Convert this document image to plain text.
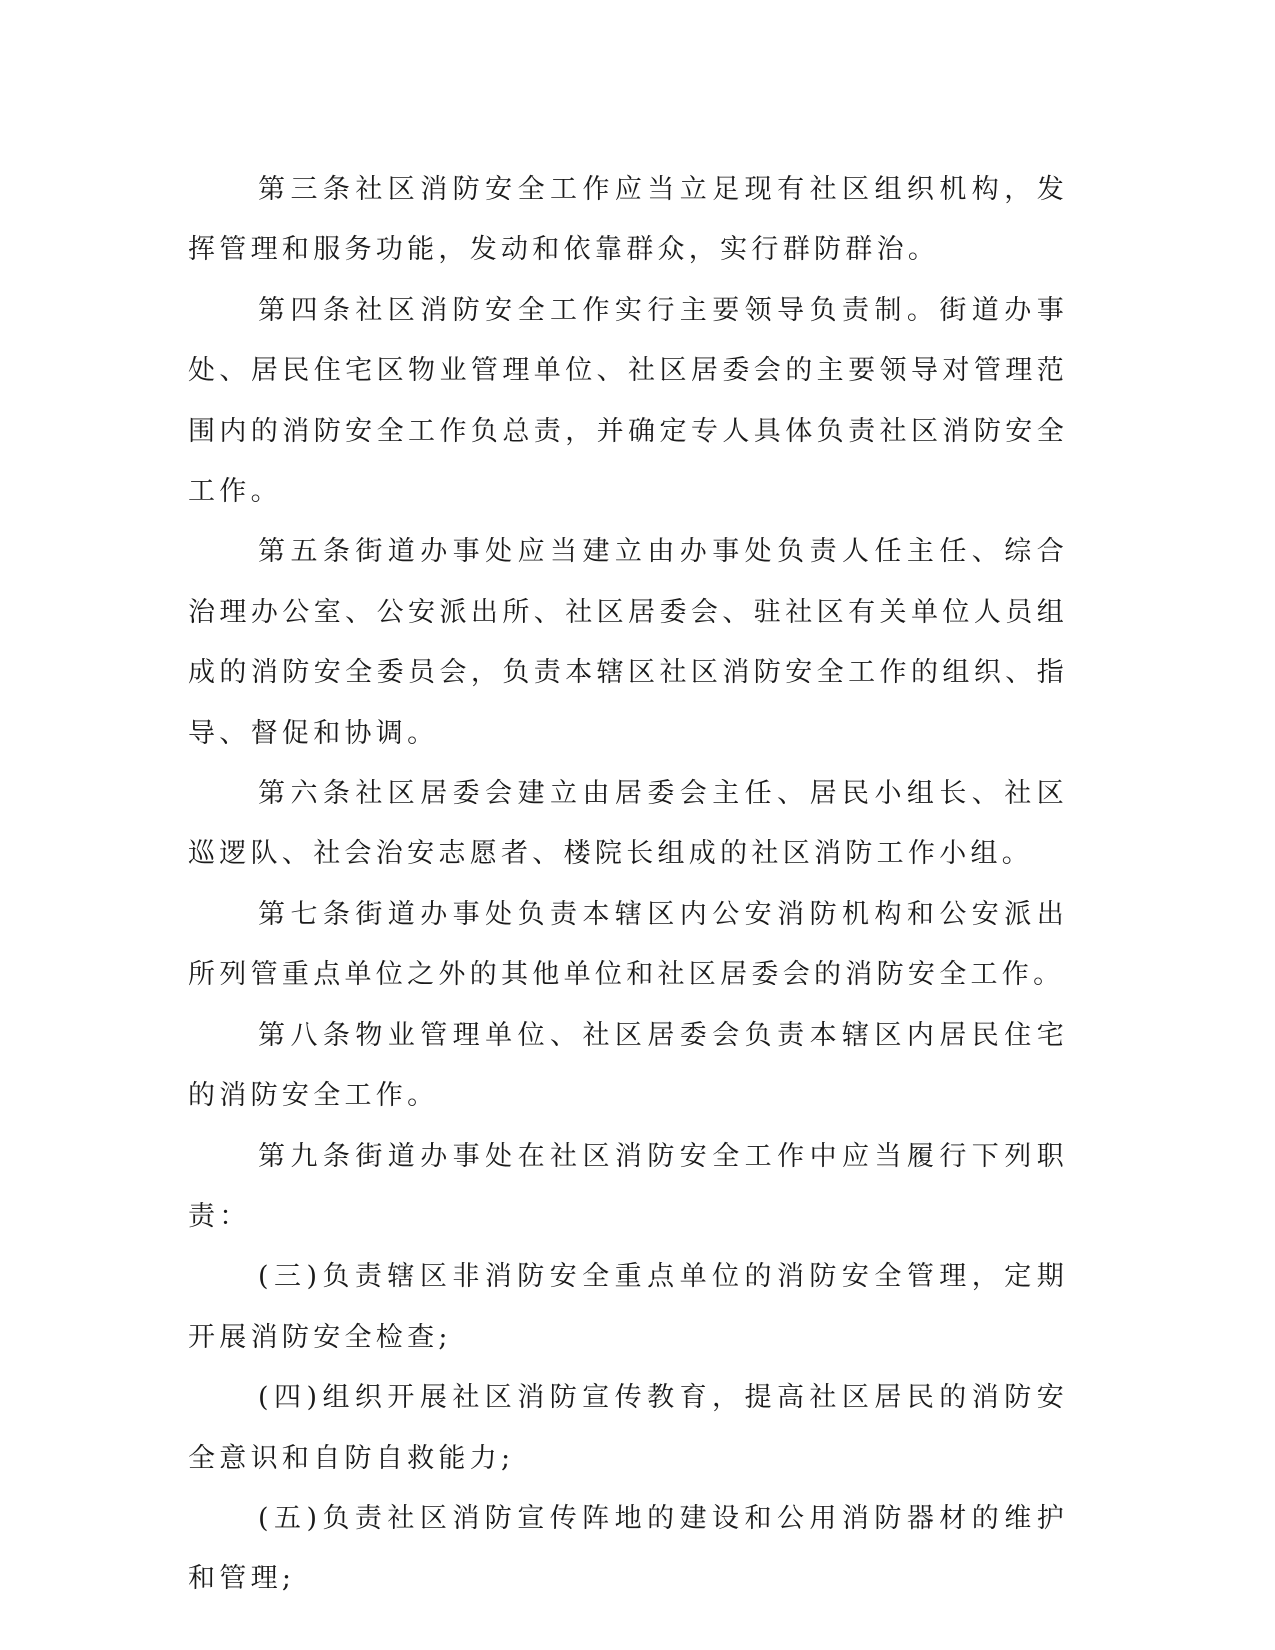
第三条社区消防安全工作应当立足现有社区组织机构，发挥管理和服务功能，发动和依靠群众，实行群防群治。

第四条社区消防安全工作实行主要领导负责制。街道办事处、居民住宅区物业管理单位、社区居委会的主要领导对管理范围内的消防安全工作负总责，并确定专人具体负责社区消防安全工作。

第五条街道办事处应当建立由办事处负责人任主任、综合治理办公室、公安派出所、社区居委会、驻社区有关单位人员组成的消防安全委员会，负责本辖区社区消防安全工作的组织、指导、督促和协调。

第六条社区居委会建立由居委会主任、居民小组长、社区巡逻队、社会治安志愿者、楼院长组成的社区消防工作小组。

第七条街道办事处负责本辖区内公安消防机构和公安派出所列管重点单位之外的其他单位和社区居委会的消防安全工作。

第八条物业管理单位、社区居委会负责本辖区内居民住宅的消防安全工作。

第九条街道办事处在社区消防安全工作中应当履行下列职责：

(三)负责辖区非消防安全重点单位的消防安全管理，定期开展消防安全检查;

(四)组织开展社区消防宣传教育，提高社区居民的消防安全意识和自防自救能力;

(五)负责社区消防宣传阵地的建设和公用消防器材的维护和管理;
